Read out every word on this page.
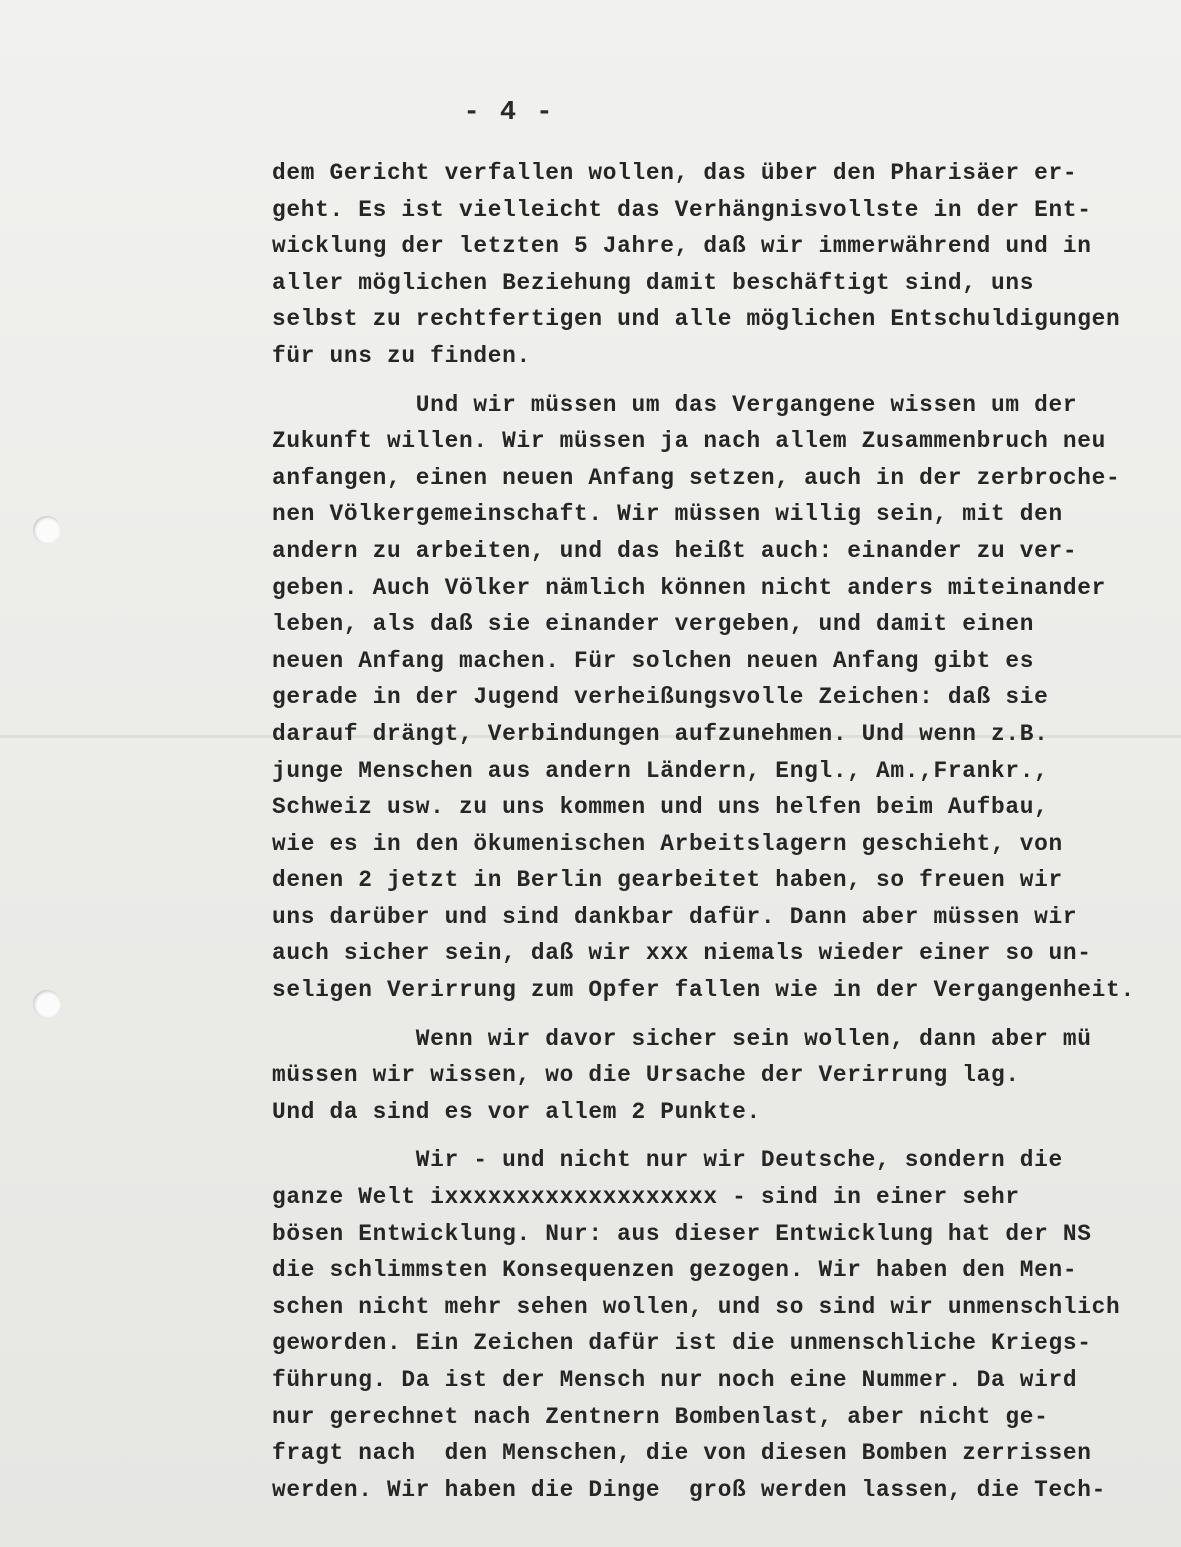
- 4 -
dem Gericht verfallen wollen, das über den Pharisäer er-
geht. Es ist vielleicht das Verhängnisvollste in der Ent-
wicklung der letzten 5 Jahre, daß wir immerwährend und in
aller möglichen Beziehung damit beschäftigt sind, uns
selbst zu rechtfertigen und alle möglichen Entschuldigungen
für uns zu finden.
Und wir müssen um das Vergangene wissen um der
Zukunft willen. Wir müssen ja nach allem Zusammenbruch neu
anfangen, einen neuen Anfang setzen, auch in der zerbroche-
nen Völkergemeinschaft. Wir müssen willig sein, mit den
andern zu arbeiten, und das heißt auch: einander zu ver-
geben. Auch Völker nämlich können nicht anders miteinander
leben, als daß sie einander vergeben, und damit einen
neuen Anfang machen. Für solchen neuen Anfang gibt es
gerade in der Jugend verheißungsvolle Zeichen: daß sie
darauf drängt, Verbindungen aufzunehmen. Und wenn z.B.
junge Menschen aus andern Ländern, Engl., Am.,Frankr.,
Schweiz usw. zu uns kommen und uns helfen beim Aufbau,
wie es in den ökumenischen Arbeitslagern geschieht, von
denen 2 jetzt in Berlin gearbeitet haben, so freuen wir
uns darüber und sind dankbar dafür. Dann aber müssen wir
auch sicher sein, daß wir xxx niemals wieder einer so un-
seligen Verirrung zum Opfer fallen wie in der Vergangenheit.
Wenn wir davor sicher sein wollen, dann aber mü
müssen wir wissen, wo die Ursache der Verirrung lag.
Und da sind es vor allem 2 Punkte.
Wir - und nicht nur wir Deutsche, sondern die
ganze Welt ixxxxxxxxxxxxxxxxxxx - sind in einer sehr
bösen Entwicklung. Nur: aus dieser Entwicklung hat der NS
die schlimmsten Konsequenzen gezogen. Wir haben den Men-
schen nicht mehr sehen wollen, und so sind wir unmenschlich
geworden. Ein Zeichen dafür ist die unmenschliche Kriegs-
führung. Da ist der Mensch nur noch eine Nummer. Da wird
nur gerechnet nach Zentnern Bombenlast, aber nicht ge-
fragt nach  den Menschen, die von diesen Bomben zerrissen
werden. Wir haben die Dinge  groß werden lassen, die Tech-
